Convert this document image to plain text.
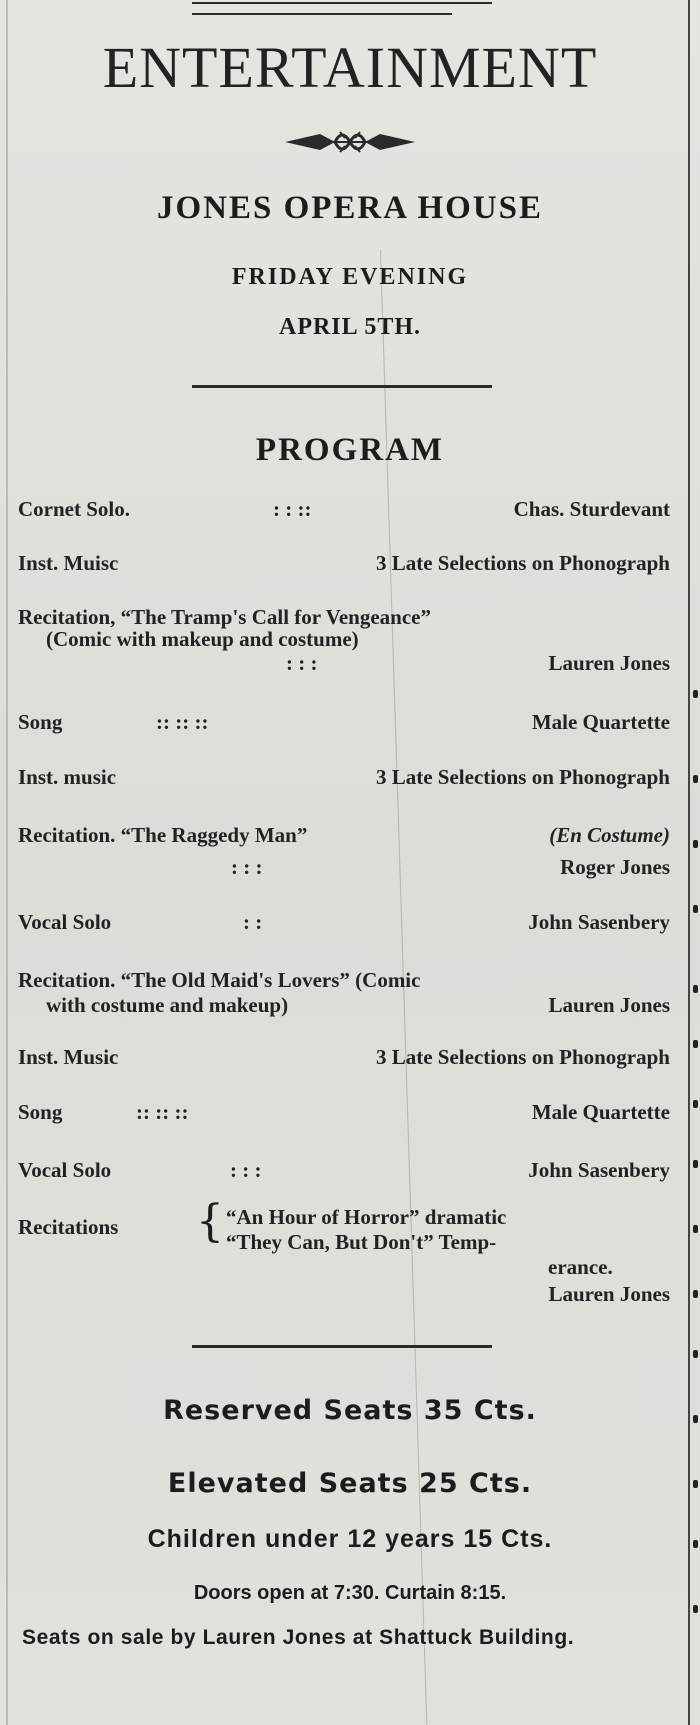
ENTERTAINMENT
JONES OPERA HOUSE
FRIDAY EVENING
APRIL 5TH.
PROGRAM
Cornet Solo.	: : ::	Chas. Sturdevant
Inst. Muisc	3 Late Selections on Phonograph
Recitation, “The Tramp's Call for Vengeance”
(Comic with makeup and costume)
: : :	Lauren Jones
Song	:: :: ::	Male Quartette
Inst. music	3 Late Selections on Phonograph
Recitation. “The Raggedy Man”	(En Costume)
: : :	Roger Jones
Vocal Solo	: :	John Sasenbery
Recitation. “The Old Maid's Lovers” (Comic
with costume and makeup)	Lauren Jones
Inst. Music	3 Late Selections on Phonograph
Song	:: :: ::	Male Quartette
Vocal Solo	: : :	John Sasenbery
Recitations { “An Hour of Horror” dramatic
“They Can, But Don't” Temp-
erance.
Lauren Jones
Reserved Seats 35 Cts.
Elevated Seats 25 Cts.
Children under 12 years 15 Cts.
Doors open at 7:30. Curtain 8:15.
Seats on sale by Lauren Jones at Shattuck Building.
